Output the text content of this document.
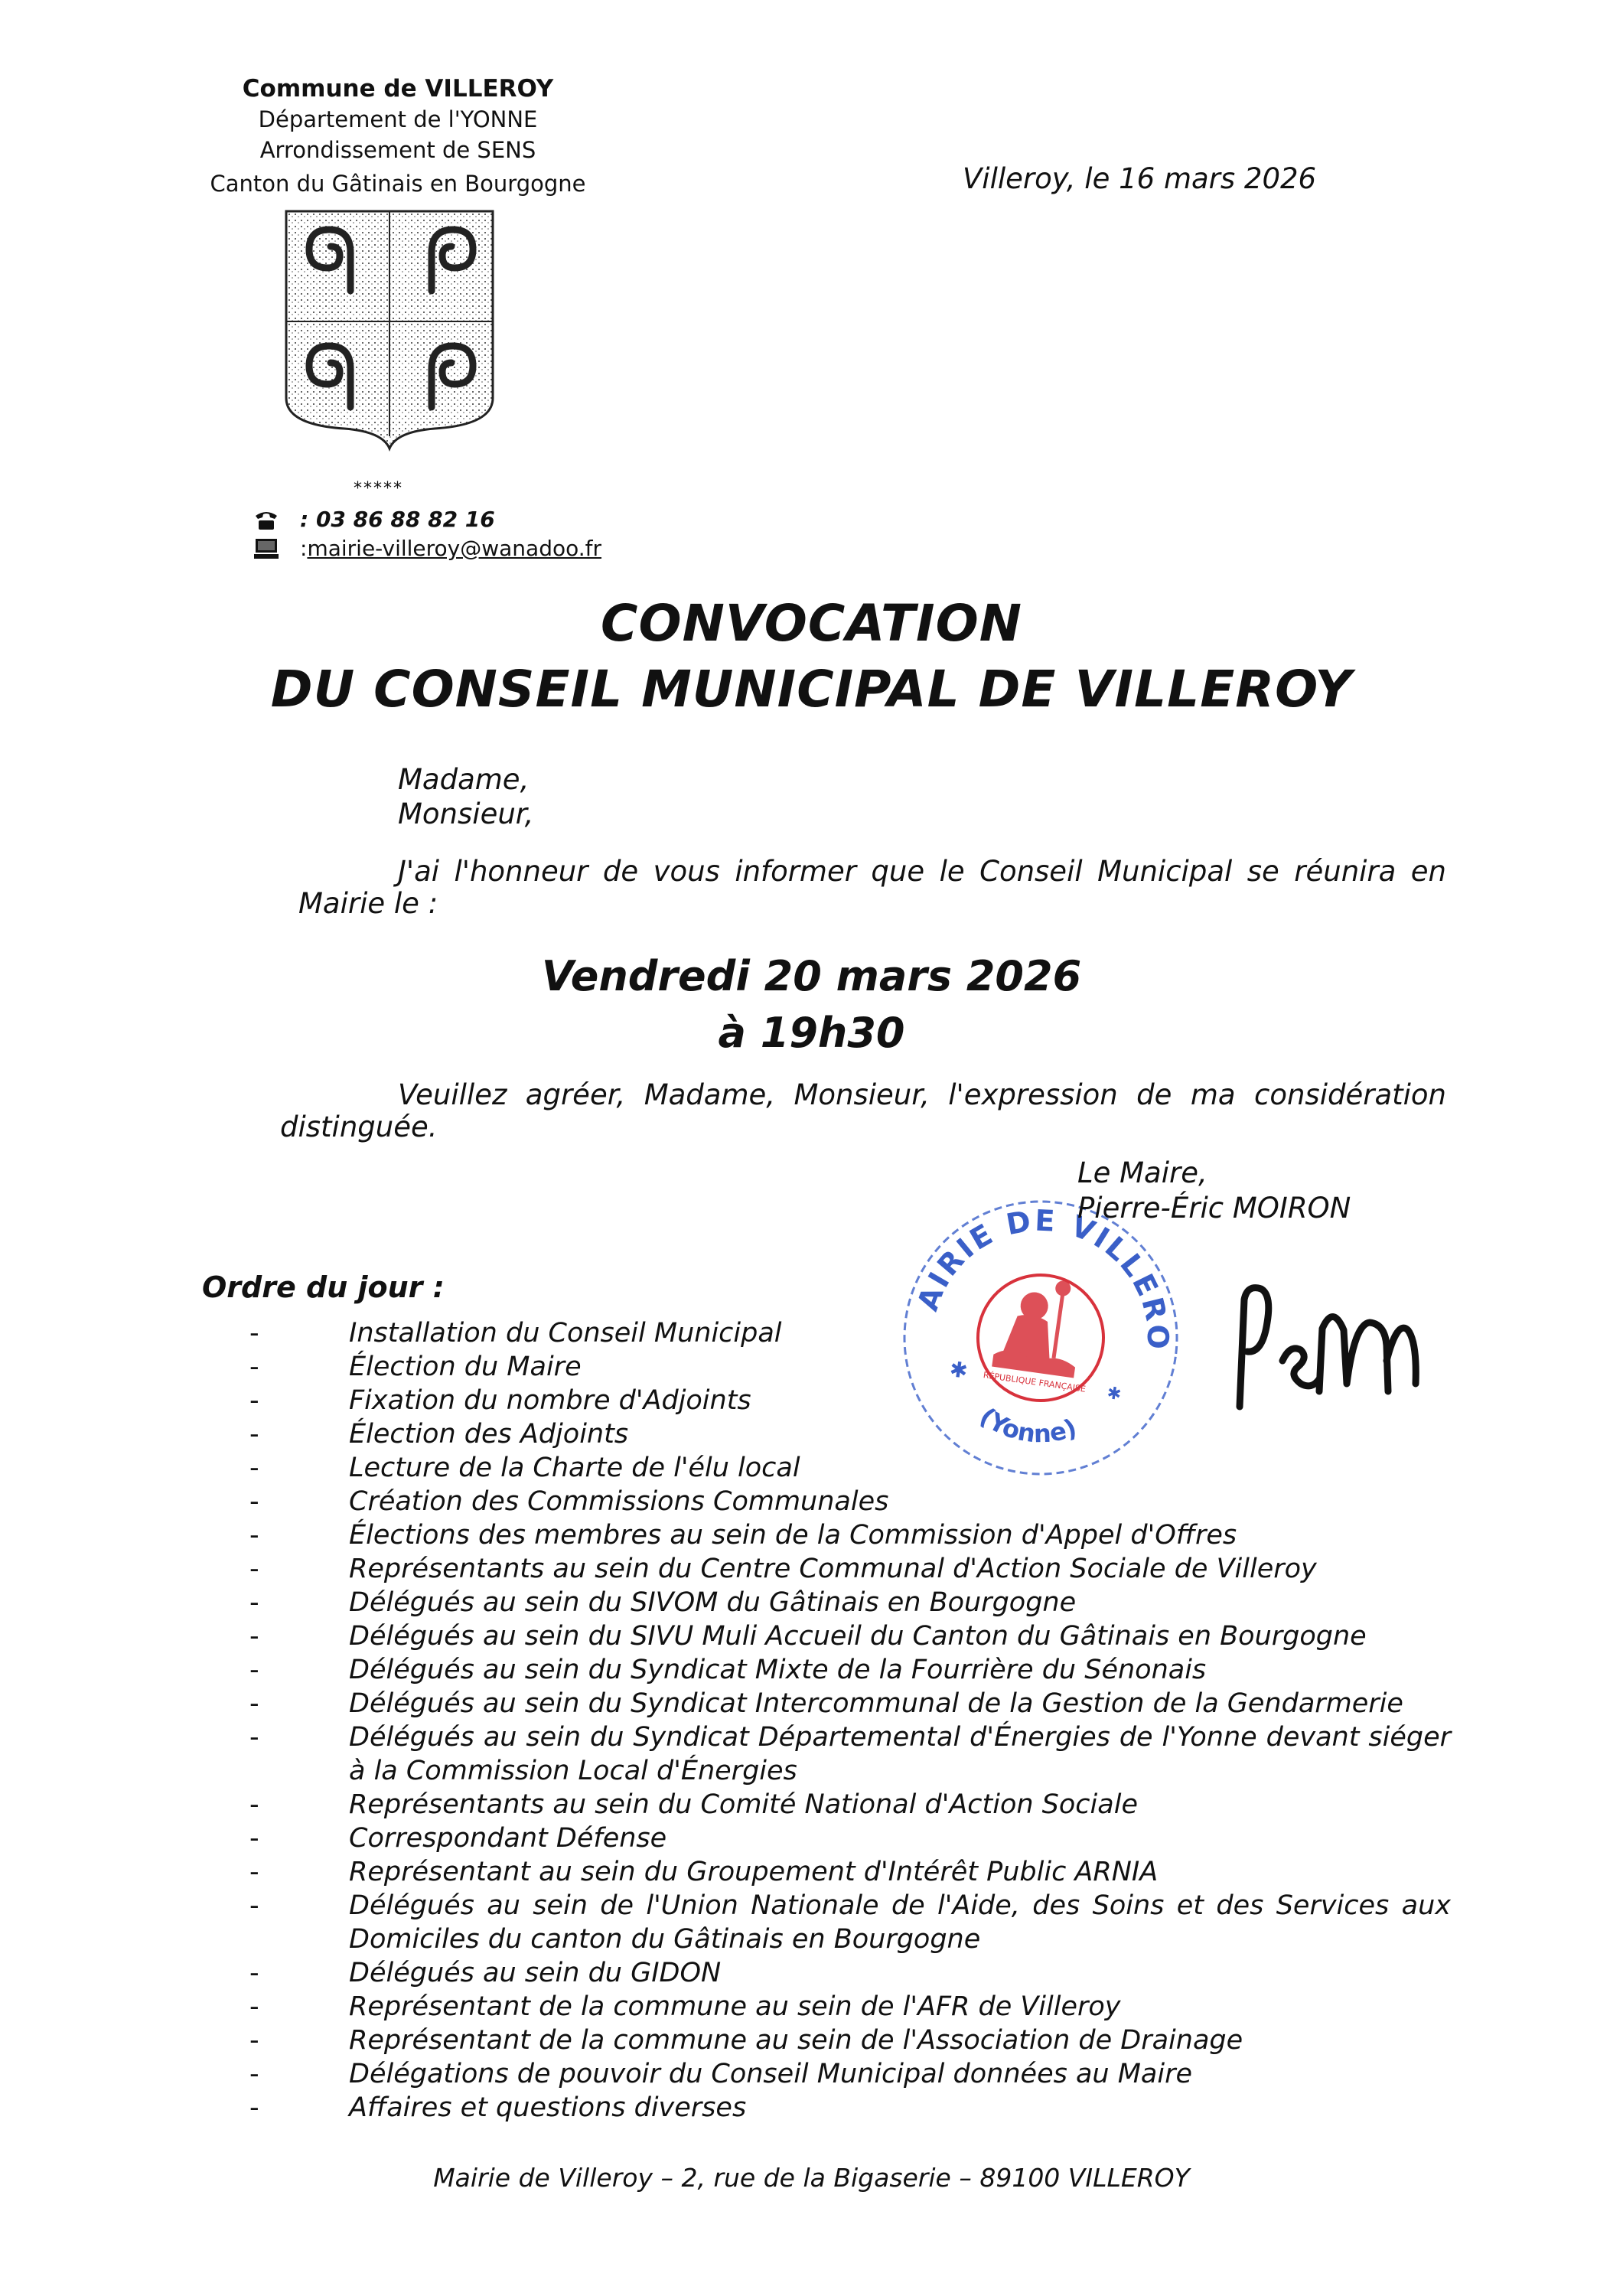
Commune de VILLEROY
Département de l'YONNE
Arrondissement de SENS
Canton du Gâtinais en Bourgogne	Villeroy, le 16 mars 2026
*****
: 03 86 88 82 16
: mairie-villeroy@wanadoo.fr
CONVOCATION
DU CONSEIL MUNICIPAL DE VILLEROY
Madame,
Monsieur,
J'ai l'honneur de vous informer que le Conseil Municipal se réunira en
Mairie le :
Vendredi 20 mars 2026
à 19h30
Veuillez agréer, Madame, Monsieur, l'expression de ma considération
distinguée.
MAIRIE DE VILLEROY
(Yonne)
RÉPUBLIQUE FRANÇAISE
✱
✱
Le Maire,
Pierre-Éric MOIRON
Ordre du jour :
-	Installation du Conseil Municipal
-	Élection du Maire
-	Fixation du nombre d'Adjoints
-	Élection des Adjoints
-	Lecture de la Charte de l'élu local
-	Création des Commissions Communales
-	Élections des membres au sein de la Commission d'Appel d'Offres
-	Représentants au sein du Centre Communal d'Action Sociale de Villeroy
-	Délégués au sein du SIVOM du Gâtinais en Bourgogne
-	Délégués au sein du SIVU Muli Accueil du Canton du Gâtinais en Bourgogne
-	Délégués au sein du Syndicat Mixte de la Fourrière du Sénonais
-	Délégués au sein du Syndicat Intercommunal de la Gestion de la Gendarmerie
-	Délégués au sein du Syndicat Départemental d'Énergies de l'Yonne devant siéger à la Commission Local d'Énergies
-	Représentants au sein du Comité National d'Action Sociale
-	Correspondant Défense
-	Représentant au sein du Groupement d'Intérêt Public ARNIA
-	Délégués au sein de l'Union Nationale de l'Aide, des Soins et des Services aux Domiciles du canton du Gâtinais en Bourgogne
-	Délégués au sein du GIDON
-	Représentant de la commune au sein de l'AFR de Villeroy
-	Représentant de la commune au sein de l'Association de Drainage
-	Délégations de pouvoir du Conseil Municipal données au Maire
-	Affaires et questions diverses
Mairie de Villeroy – 2, rue de la Bigaserie – 89100 VILLEROY
